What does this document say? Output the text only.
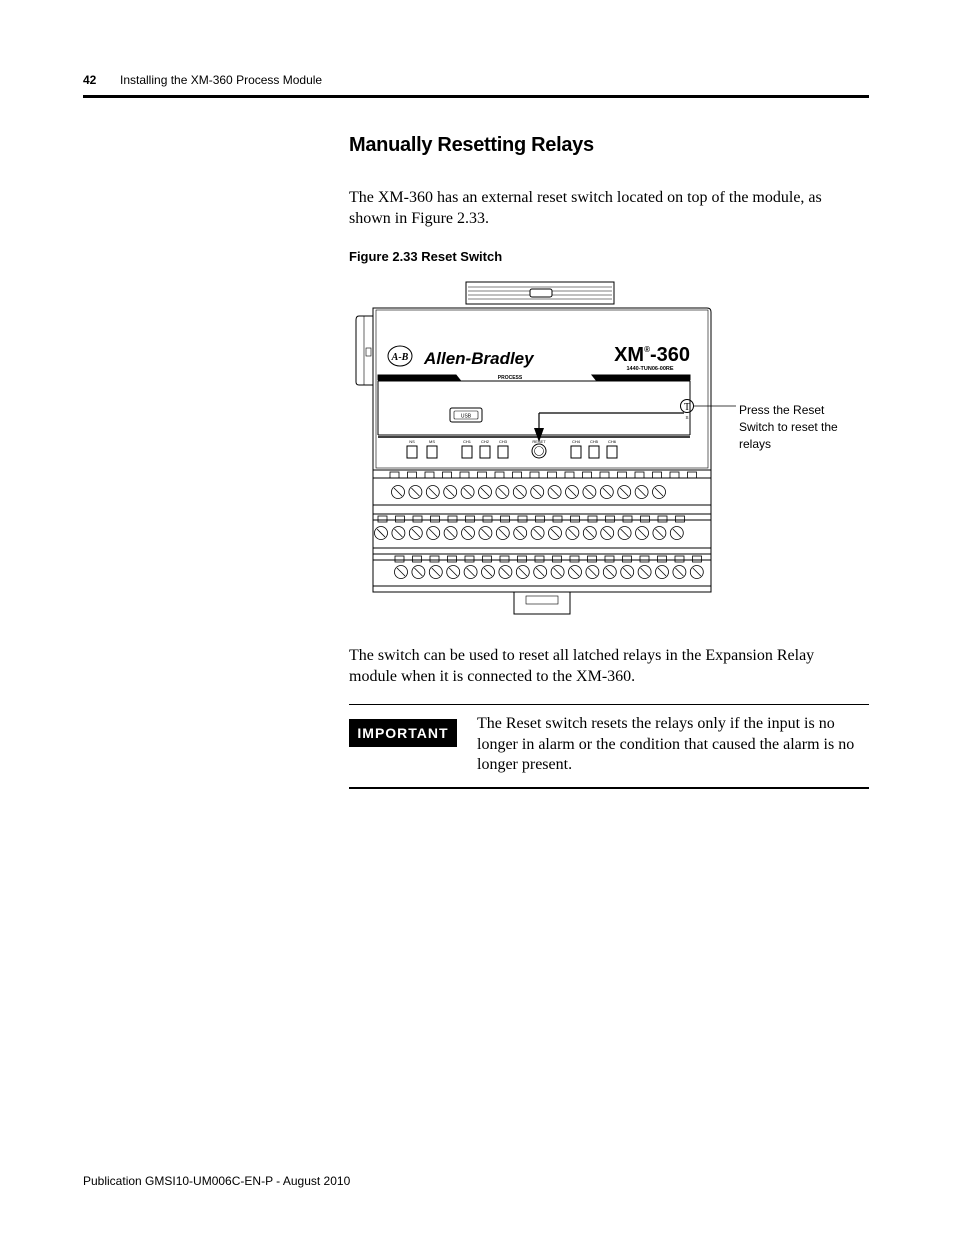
42 Installing the XM-360 Process Module
Manually Resetting Relays
The XM-360 has an external reset switch located on top of the module, as shown in Figure 2.33.
Figure 2.33 Reset Switch
A-B Allen-Bradley	XM®-360
1440-TUN06-00RE
PROCESS
USB
T
S
NS	MS	CH1 CH2 CH3	RESET	CH4 CH5 CH6
Press the Reset Switch to reset the relays
The switch can be used to reset all latched relays in the Expansion Relay module when it is connected to the XM-360.
IMPORTANT
The Reset switch resets the relays only if the input is no longer in alarm or the condition that caused the alarm is no longer present.
Publication GMSI10-UM006C-EN-P - August 2010
